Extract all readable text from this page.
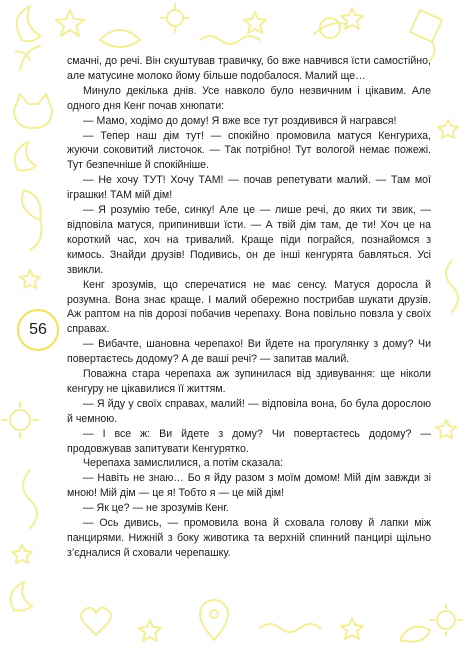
56

смачні, до речі. Він скуштував травичку, бо вже навчився їсти самостійно, але матусине молоко йому більше подобалося. Малий ще…

Минуло декілька днів. Усе навколо було незвичним і цікавим. Але одного дня Кенг почав хнюпати:

— Мамо, ходімо до дому! Я вже все тут роздивився й награвся!

— Тепер наш дім тут! — спокійно промовила матуся Кенгуриха, жуючи соковитий листочок. — Так потрібно! Тут вологой немає пожежі. Тут безпечніше й спокійніше.

— Не хочу ТУТ! Хочу ТАМ! — почав репетувати малий. — Там мої іграшки! ТАМ мій дім!

— Я розумію тебе, синку! Але це — лише речі, до яких ти звик, — відповіла матуся, припинивши їсти. — А твій дім там, де ти! Хоч це на короткий час, хоч на тривалий. Краще піди пограйся, познайомся з кимось. Знайди друзів! Подивись, он де інші кенгурята бавляться. Усі звикли.

Кенг зрозумів, що сперечатися не має сенсу. Матуся доросла й розумна. Вона знає краще. І малий обережно пострибав шукати друзів. Аж раптом на пів дорозі побачив черепаху. Вона повільно повзла у своїх справах.

— Вибачте, шановна черепахо! Ви йдете на прогулянку з дому? Чи повертаєтесь додому? А де ваші речі? — запитав малий.

Поважна стара черепаха аж зупинилася від здивування: ще ніколи кенгуру не цікавилися її життям.

— Я йду у своїх справах, малий! — відповіла вона, бо була дорослою й чемною.

— І все ж: Ви йдете з дому? Чи повертаєтесь додому? — продовжував запитувати Кенгурятко.

Черепаха замислилися, а потім сказала:

— Навіть не знаю… Бо я йду разом з моїм домом! Мій дім завжди зі мною! Мій дім — це я! Тобто я — це мій дім!

— Як це? — не зрозумів Кенг.

— Ось дивись, — промовила вона й сховала голову й лапки між панцирями. Нижній з боку животика та верхній спинний панцирі щільно з’єдналися й сховали черепашку.
